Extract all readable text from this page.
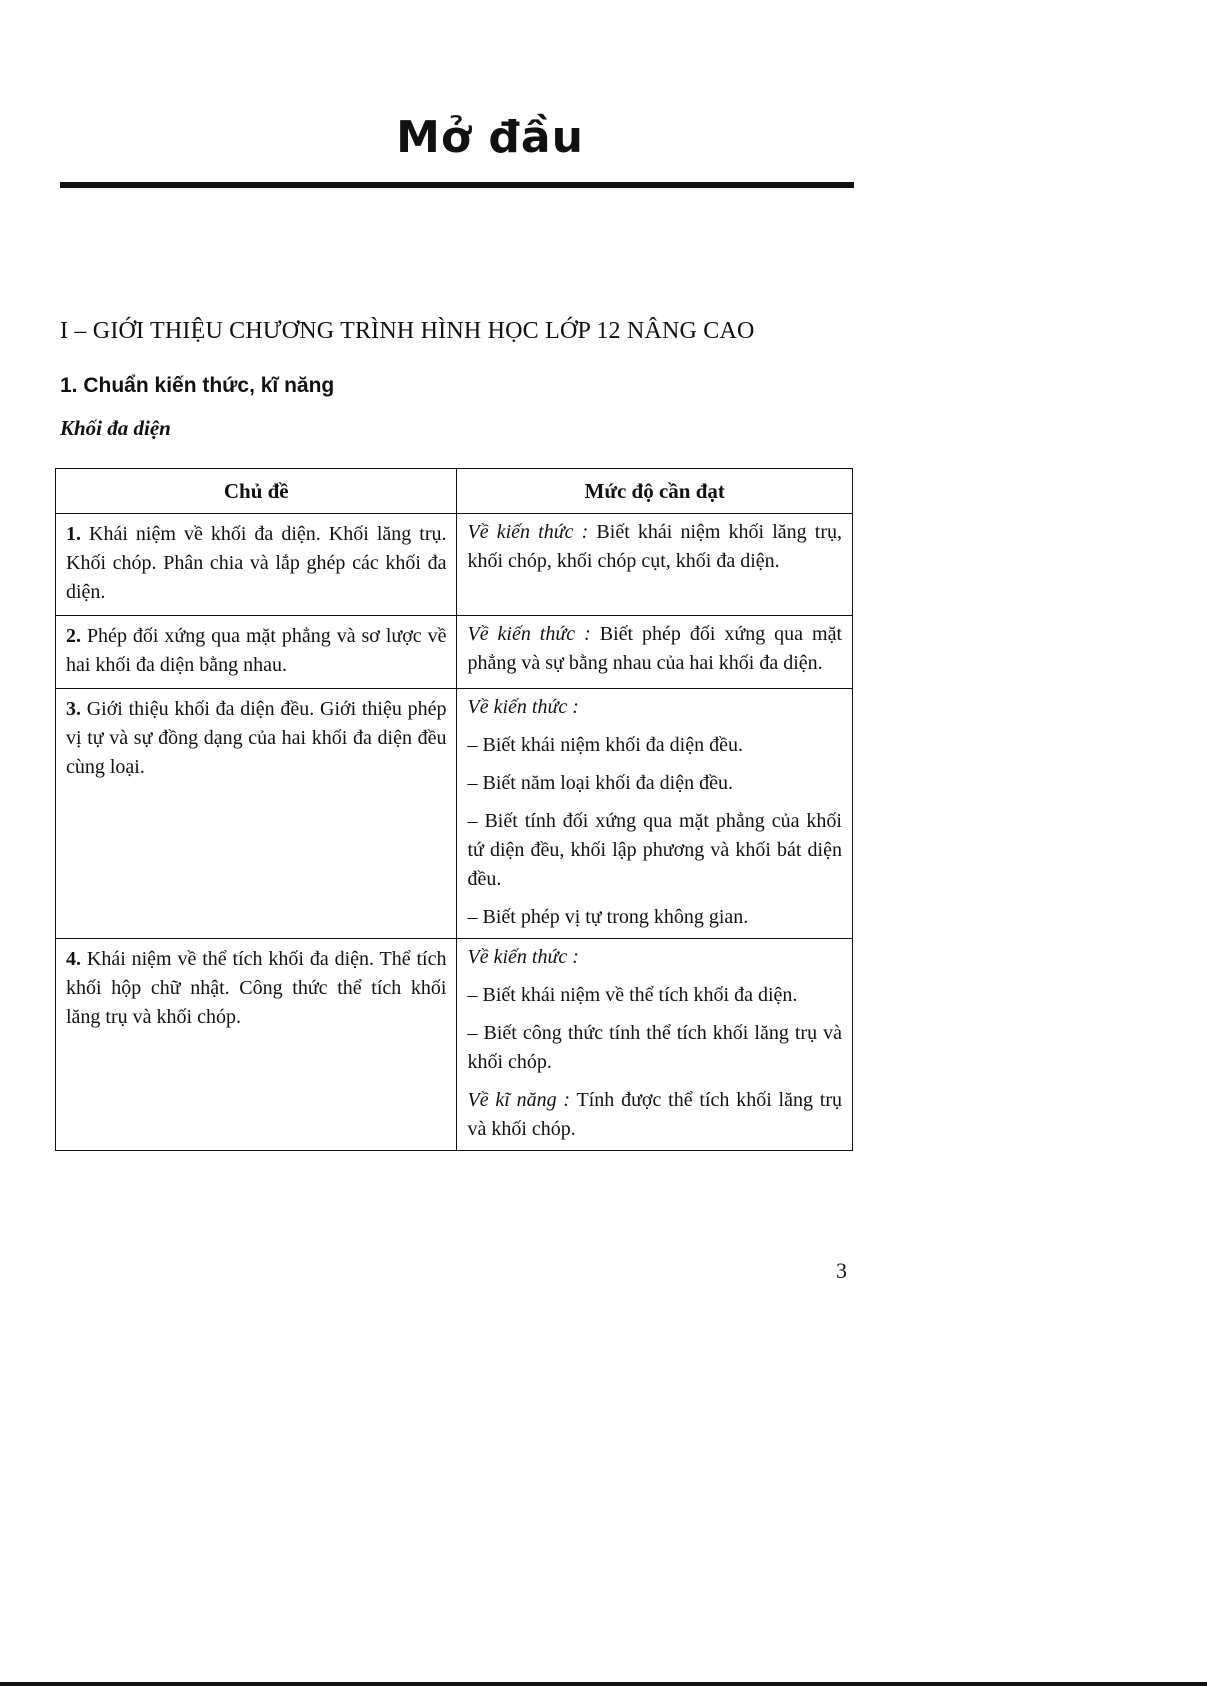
Mở đầu
I – GIỚI THIỆU CHƯƠNG TRÌNH HÌNH HỌC LỚP 12 NÂNG CAO
1. Chuẩn kiến thức, kĩ năng

Khối đa diện

Chủ đề	Mức độ cần đạt
1. Khái niệm về khối đa diện. Khối lăng trụ. Khối chóp. Phân chia và lắp ghép các khối đa diện.	Về kiến thức : Biết khái niệm khối lăng trụ, khối chóp, khối chóp cụt, khối đa diện.

2. Phép đối xứng qua mặt phẳng và sơ lược về hai khối đa diện bằng nhau.	Về kiến thức : Biết phép đối xứng qua mặt phẳng và sự bằng nhau của hai khối đa diện.

3. Giới thiệu khối đa diện đều. Giới thiệu phép vị tự và sự đồng dạng của hai khối đa diện đều cùng loại.	Về kiến thức :

– Biết khái niệm khối đa diện đều.

– Biết năm loại khối đa diện đều.

– Biết tính đối xứng qua mặt phẳng của khối tứ diện đều, khối lập phương và khối bát diện đều.

– Biết phép vị tự trong không gian.

4. Khái niệm về thể tích khối đa diện. Thể tích khối hộp chữ nhật. Công thức thể tích khối lăng trụ và khối chóp.	Về kiến thức :

– Biết khái niệm về thể tích khối đa diện.

– Biết công thức tính thể tích khối lăng trụ và khối chóp.

Về kĩ năng : Tính được thể tích khối lăng trụ và khối chóp.

3
